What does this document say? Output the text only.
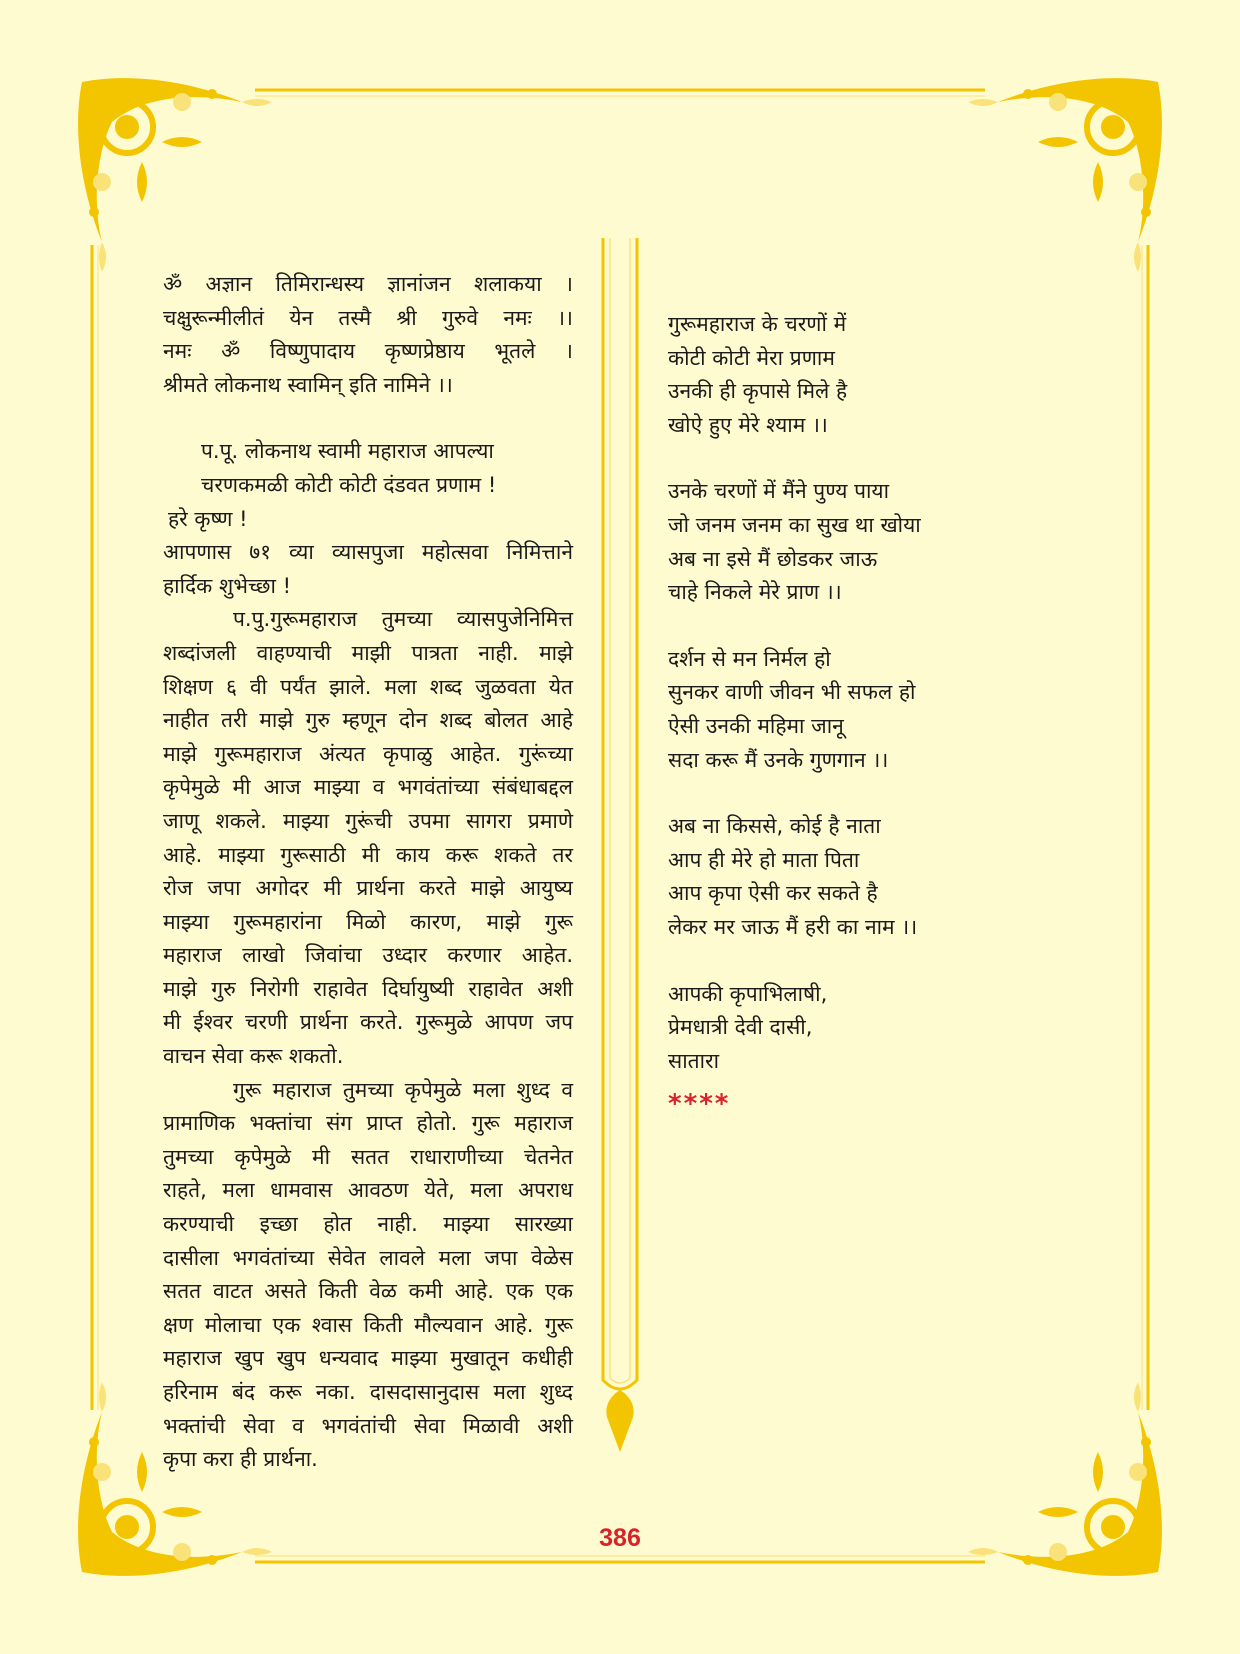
ॐ अज्ञान तिमिरान्धस्य ज्ञानांजन शलाकया ।
चक्षुरून्मीलीतं येन तस्मै श्री गुरुवे नमः ।।
नमः ॐ विष्णुपादाय कृष्णप्रेष्ठाय भूतले ।
श्रीमते लोकनाथ स्वामिन् इति नामिने ।।
प.पू. लोकनाथ स्वामी महाराज आपल्या
चरणकमळी कोटी कोटी दंडवत प्रणाम !
हरे कृष्ण !
आपणास ७१ व्या व्यासपुजा महोत्सवा निमित्ताने
हार्दिक शुभेच्छा !
प.पु.गुरूमहाराज तुमच्या व्यासपुजेनिमित्त
शब्दांजली वाहण्याची माझी पात्रता नाही. माझे
शिक्षण ६ वी पर्यंत झाले. मला शब्द जुळवता येत
नाहीत तरी माझे गुरु म्हणून दोन शब्द बोलत आहे
माझे गुरूमहाराज अंत्यत कृपाळु आहेत. गुरूंच्या
कृपेमुळे मी आज माझ्या व भगवंतांच्या संबंधाबद्दल
जाणू शकले. माझ्या गुरूंची उपमा सागरा प्रमाणे
आहे. माझ्या गुरूसाठी मी काय करू शकते तर
रोज जपा अगोदर मी प्रार्थना करते माझे आयुष्य
माझ्या गुरूमहारांना मिळो कारण, माझे गुरू
महाराज लाखो जिवांचा उध्दार करणार आहेत.
माझे गुरु निरोगी राहावेत दिर्घायुष्यी राहावेत अशी
मी ईश्वर चरणी प्रार्थना करते. गुरूमुळे आपण जप
वाचन सेवा करू शकतो.
गुरू महाराज तुमच्या कृपेमुळे मला शुध्द व
प्रामाणिक भक्तांचा संग प्राप्त होतो. गुरू महाराज
तुमच्या कृपेमुळे मी सतत राधाराणीच्या चेतनेत
राहते, मला धामवास आवठण येते, मला अपराध
करण्याची इच्छा होत नाही. माझ्या सारख्या
दासीला भगवंतांच्या सेवेत लावले मला जपा वेळेस
सतत वाटत असते किती वेळ कमी आहे. एक एक
क्षण मोलाचा एक श्वास किती मौल्यवान आहे. गुरू
महाराज खुप खुप धन्यवाद माझ्या मुखातून कधीही
हरिनाम बंद करू नका. दासदासानुदास मला शुध्द
भक्तांची सेवा व भगवंतांची सेवा मिळावी अशी
कृपा करा ही प्रार्थना.
गुरूमहाराज के चरणों में
कोटी कोटी मेरा प्रणाम
उनकी ही कृपासे मिले है
खोऐ हुए मेरे श्याम ।।
उनके चरणों में मैंने पुण्य पाया
जो जनम जनम का सुख था खोया
अब ना इसे मैं छोडकर जाऊ
चाहे निकले मेरे प्राण ।।
दर्शन से मन निर्मल हो
सुनकर वाणी जीवन भी सफल हो
ऐसी उनकी महिमा जानू
सदा करू मैं उनके गुणगान ।।
अब ना किससे, कोई है नाता
आप ही मेरे हो माता पिता
आप कृपा ऐसी कर सकते है
लेकर मर जाऊ मैं हरी का नाम ।।
आपकी कृपाभिलाषी,
प्रेमधात्री देवी दासी,
सातारा
****
386
